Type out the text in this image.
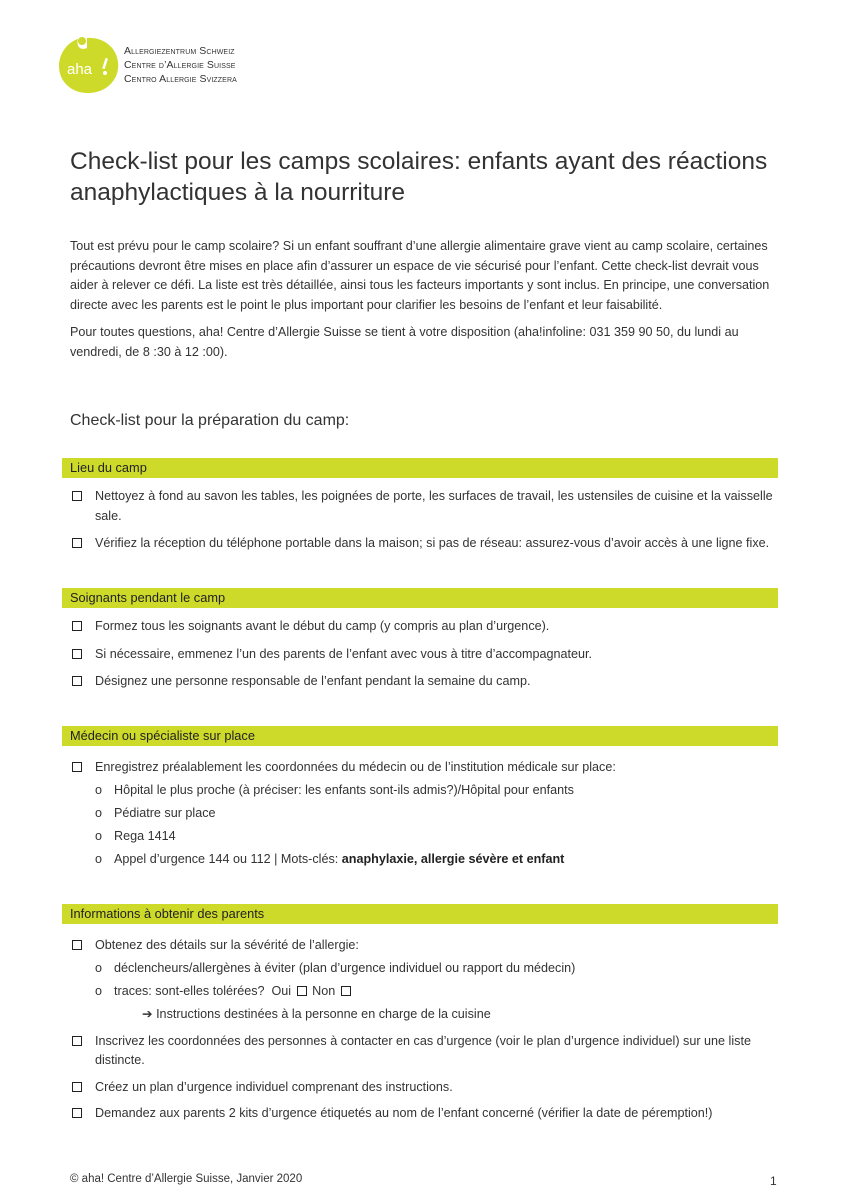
aha
Allergiezentrum Schweiz
Centre d’Allergie Suisse
Centro Allergie Svizzera
Check-list pour les camps scolaires: enfants ayant des réactions anaphylactiques à la nourriture

Tout est prévu pour le camp scolaire? Si un enfant souffrant d’une allergie alimentaire grave vient au camp scolaire, certaines précautions devront être mises en place afin d’assurer un espace de vie sécurisé pour l’enfant. Cette check-list devrait vous aider à relever ce défi. La liste est très détaillée, ainsi tous les facteurs importants y sont inclus. En principe, une conversation directe avec les parents est le point le plus important pour clarifier les besoins de l’enfant et leur faisabilité.

Pour toutes questions, aha! Centre d’Allergie Suisse se tient à votre disposition (aha!infoline: 031 359 90 50, du lundi au vendredi, de 8 :30 à 12 :00).

Check-list pour la préparation du camp:
Lieu du camp
Nettoyez à fond au savon les tables, les poignées de porte, les surfaces de travail, les ustensiles de cuisine et la vaisselle sale.
Vérifiez la réception du téléphone portable dans la maison; si pas de réseau: assurez-vous d’avoir accès à une ligne fixe.
Soignants pendant le camp
Formez tous les soignants avant le début du camp (y compris au plan d’urgence).
Si nécessaire, emmenez l’un des parents de l’enfant avec vous à titre d’accompagnateur.
Désignez une personne responsable de l’enfant pendant la semaine du camp.
Médecin ou spécialiste sur place
Enregistrez préalablement les coordonnées du médecin ou de l’institution médicale sur place:
o Hôpital le plus proche (à préciser: les enfants sont-ils admis?)/Hôpital pour enfants
o Pédiatre sur place
o Rega 1414
o Appel d’urgence 144 ou 112 | Mots-clés: anaphylaxie, allergie sévère et enfant
Informations à obtenir des parents
Obtenez des détails sur la sévérité de l’allergie:
o déclencheurs/allergènes à éviter (plan d’urgence individuel ou rapport du médecin)
o traces: sont-elles tolérées? Oui Non
➔ Instructions destinées à la personne en charge de la cuisine
Inscrivez les coordonnées des personnes à contacter en cas d’urgence (voir le plan d’urgence individuel) sur une liste distincte.
Créez un plan d’urgence individuel comprenant des instructions.
Demandez aux parents 2 kits d’urgence étiquetés au nom de l’enfant concerné (vérifier la date de péremption!)
© aha! Centre d’Allergie Suisse, Janvier 2020	1
